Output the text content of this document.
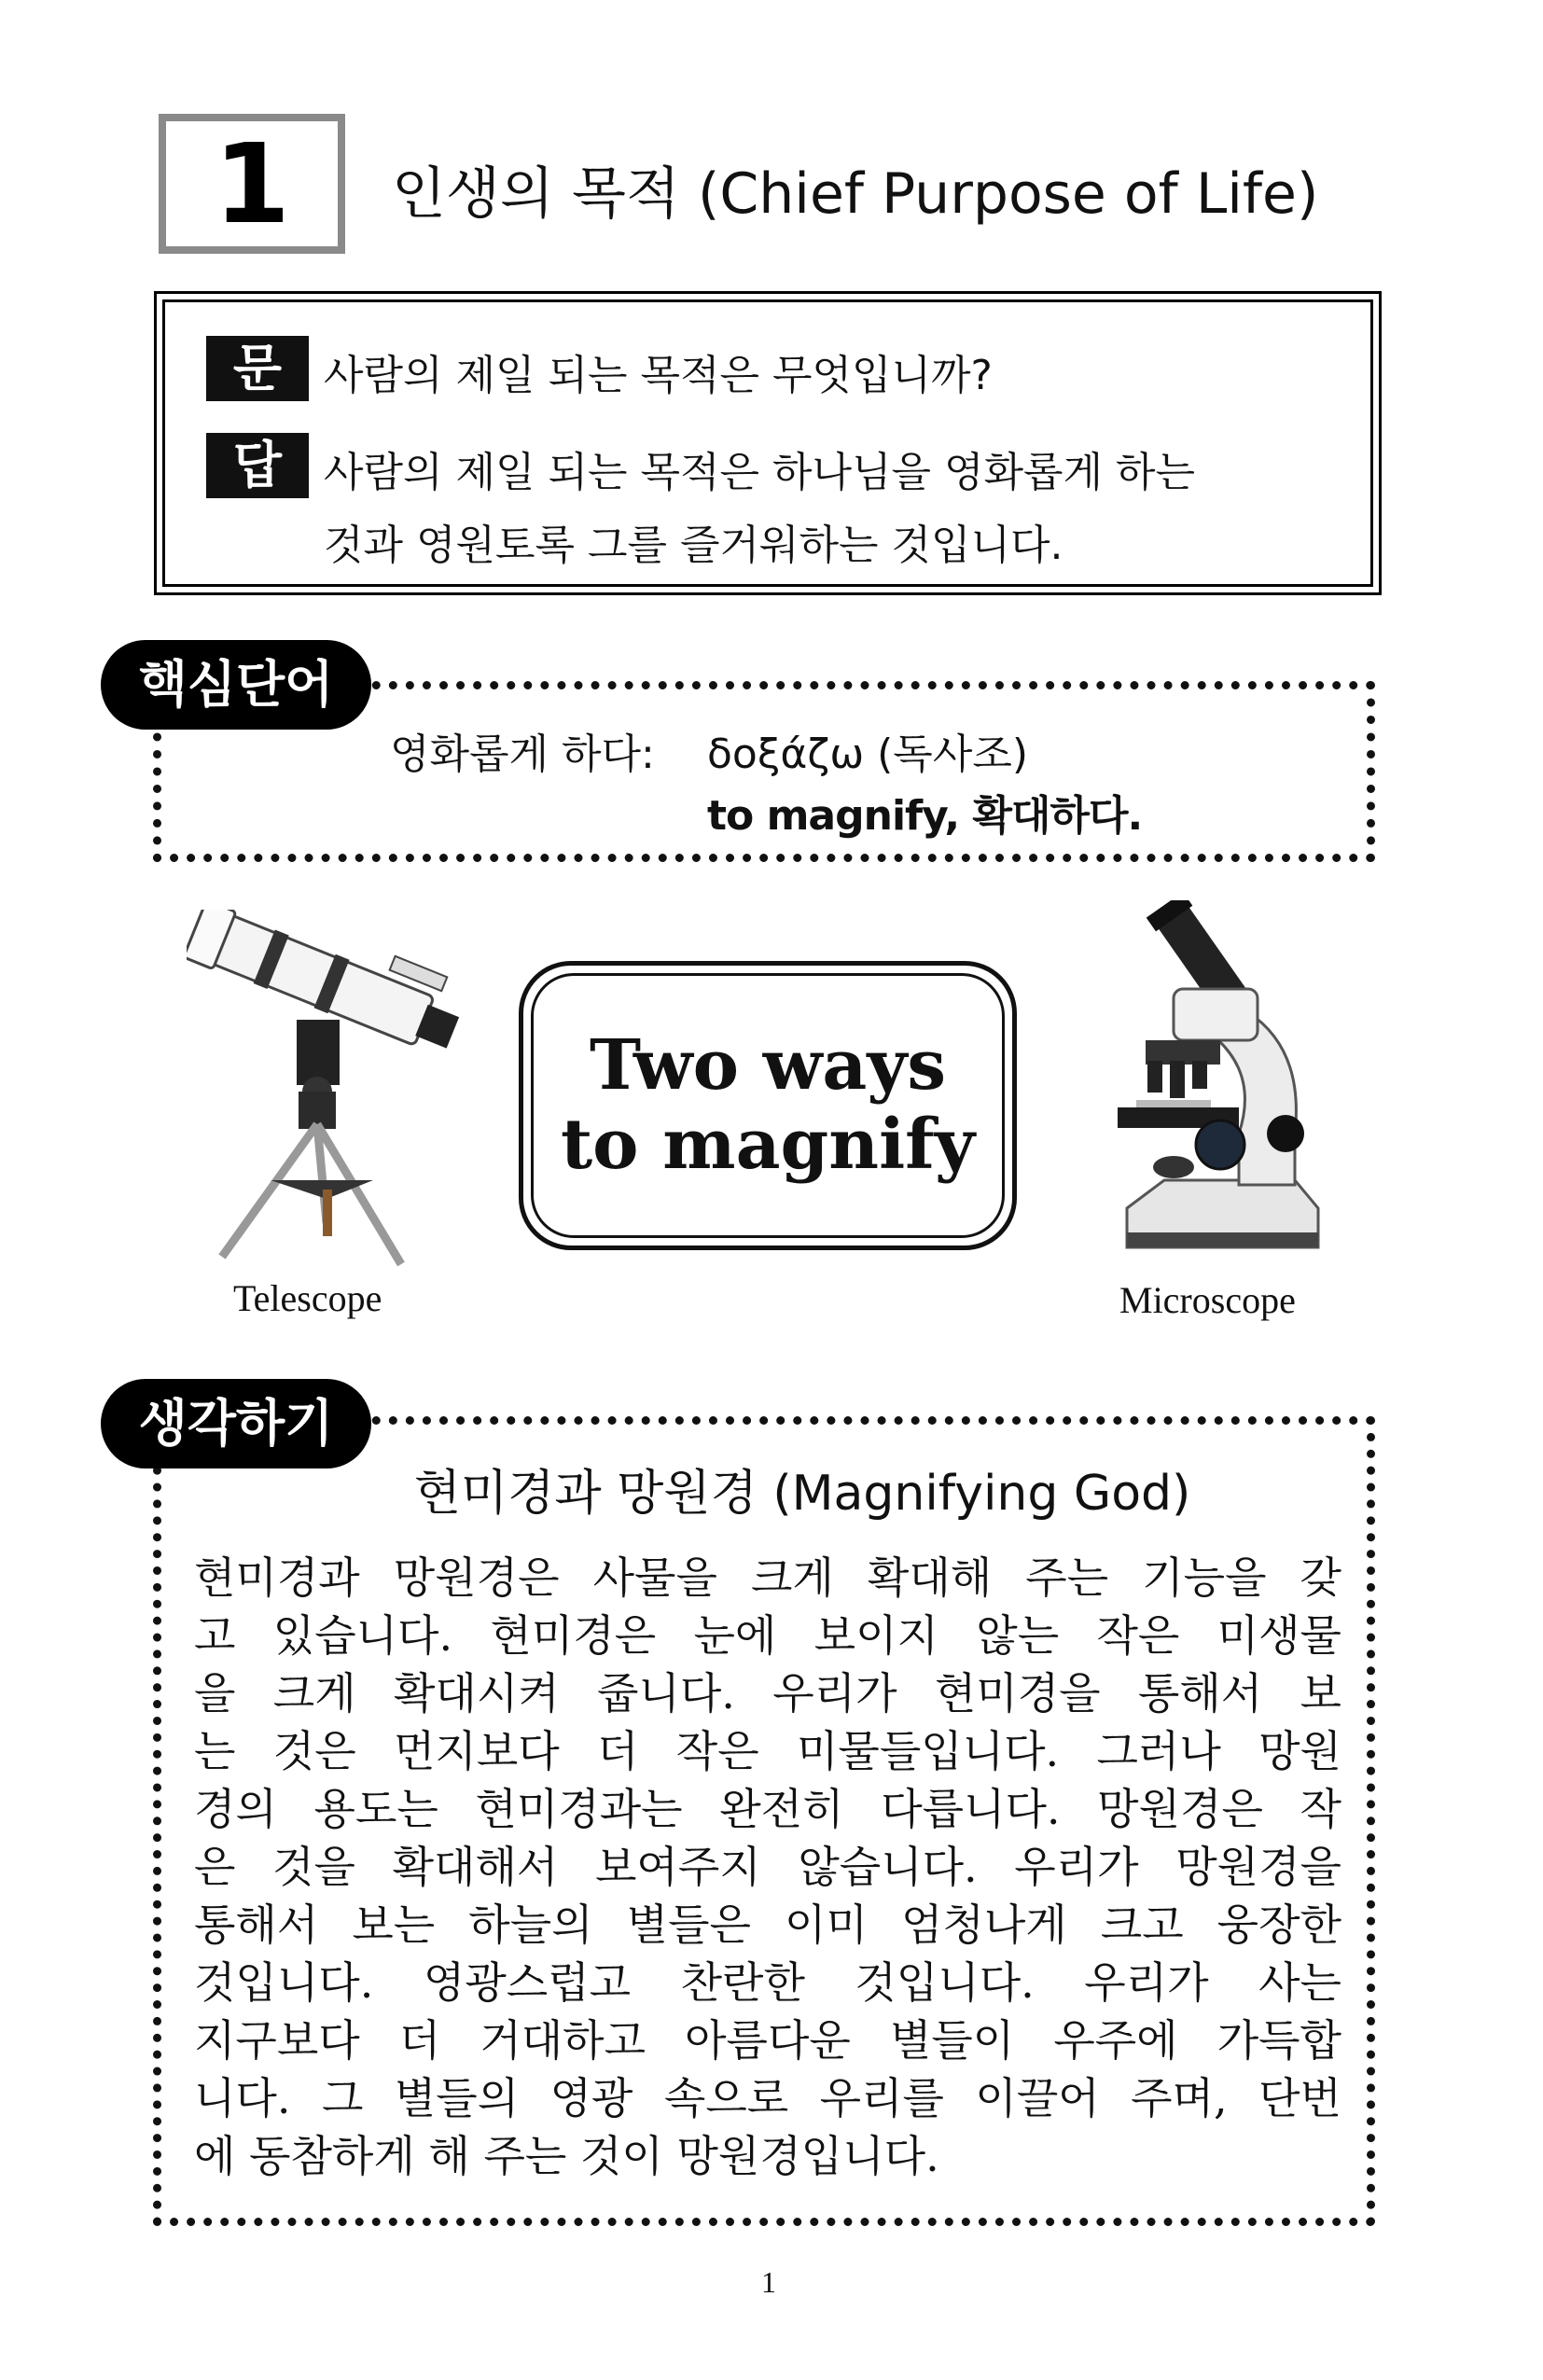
1 인생의 목적 (Chief Purpose of Life)
문	사람의 제일 되는 목적은 무엇입니까?
답	사람의 제일 되는 목적은 하나님을 영화롭게 하는
것과 영원토록 그를 즐거워하는 것입니다.
핵심단어
영화롭게 하다: δοξάζω (독사조)
to magnify, 확대하다.
Telescope
Two ways
to magnify
Microscope
생각하기
현미경과 망원경 (Magnifying God)
현미경과 망원경은 사물을 크게 확대해 주는 기능을 갖
고 있습니다. 현미경은 눈에 보이지 않는 작은 미생물
을 크게 확대시켜 줍니다. 우리가 현미경을 통해서 보
는 것은 먼지보다 더 작은 미물들입니다. 그러나 망원
경의 용도는 현미경과는 완전히 다릅니다. 망원경은 작
은 것을 확대해서 보여주지 않습니다. 우리가 망원경을
통해서 보는 하늘의 별들은 이미 엄청나게 크고 웅장한
것입니다. 영광스럽고 찬란한 것입니다. 우리가 사는
지구보다 더 거대하고 아름다운 별들이 우주에 가득합
니다. 그 별들의 영광 속으로 우리를 이끌어 주며, 단번
에 동참하게 해 주는 것이 망원경입니다.
1
